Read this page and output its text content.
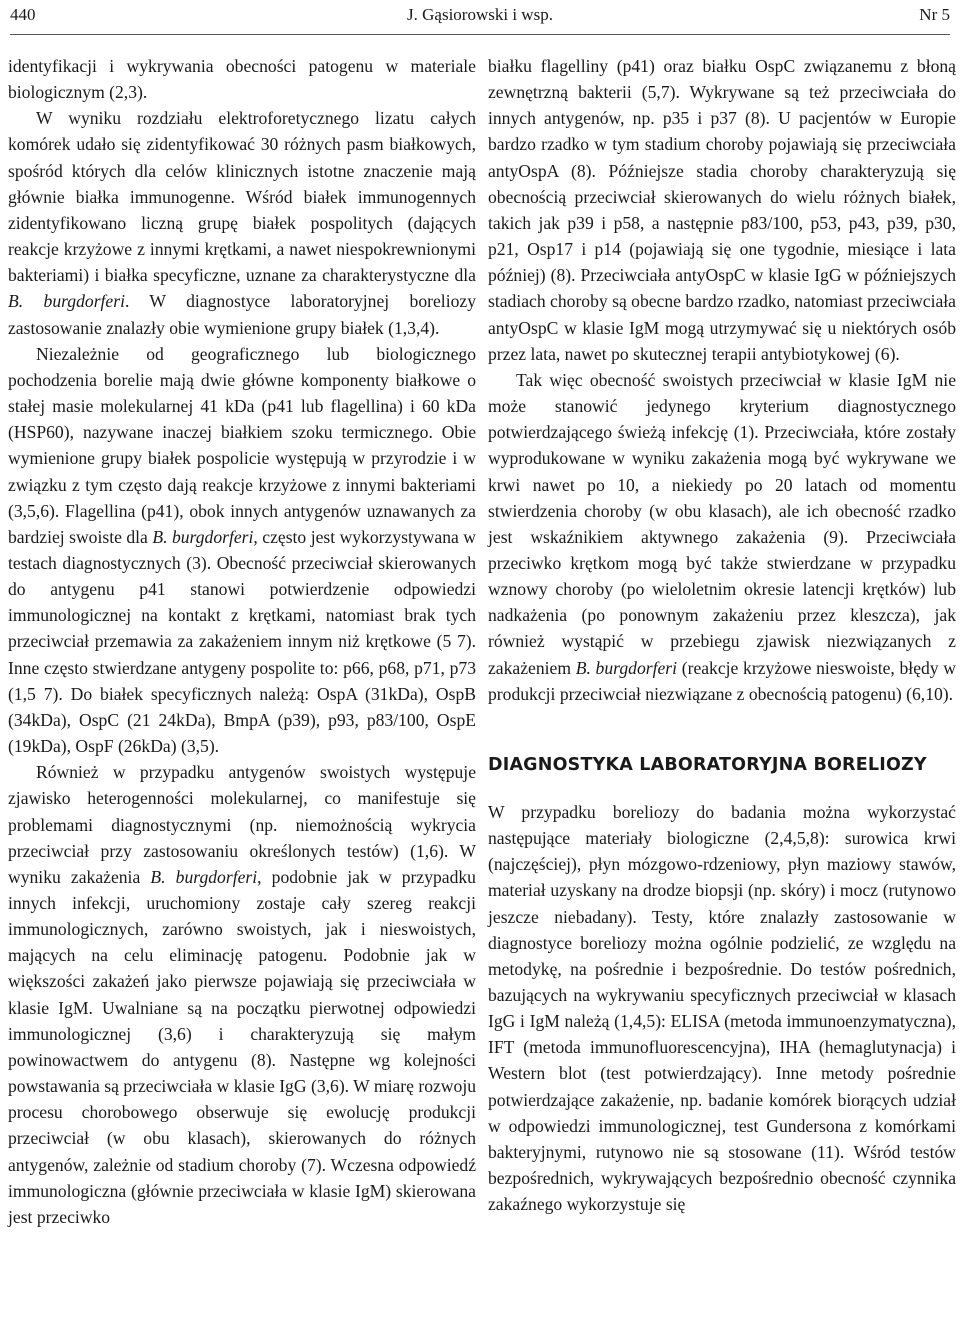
440	J. Gąsiorowski i wsp.	Nr 5

identyfikacji i wykrywania obecności patogenu w materiale biologicznym (2,3).

W wyniku rozdziału elektroforetycznego lizatu całych komórek udało się zidentyfikować 30 różnych pasm białkowych, spośród których dla celów klinicznych istotne znaczenie mają głównie białka immunogenne. Wśród białek immunogennych zidentyfikowano liczną grupę białek pospolitych (dających reakcje krzyżowe z innymi krętkami, a nawet niespokrewnionymi bakteriami) i białka specyficzne, uznane za charakterystyczne dla B. burgdorferi. W diagnostyce laboratoryjnej boreliozy zastosowanie znalazły obie wymienione grupy białek (1,3,4).

Niezależnie od geograficznego lub biologicznego pochodzenia borelie mają dwie główne komponenty białkowe o stałej masie molekularnej 41 kDa (p41 lub flagellina) i 60 kDa (HSP60), nazywane inaczej białkiem szoku termicznego. Obie wymienione grupy białek pospolicie występują w przyrodzie i w związku z tym często dają reakcje krzyżowe z innymi bakteriami (3,5,6). Flagellina (p41), obok innych antygenów uznawanych za bardziej swoiste dla B. burgdorferi, często jest wykorzystywana w testach diagnostycznych (3). Obecność przeciwciał skierowanych do antygenu p41 stanowi potwierdzenie odpowiedzi immunologicznej na kontakt z krętkami, natomiast brak tych przeciwciał przemawia za zakażeniem innym niż krętkowe (5 7). Inne często stwierdzane antygeny pospolite to: p66, p68, p71, p73 (1,5 7). Do białek specyficznych należą: OspA (31kDa), OspB (34kDa), OspC (21 24kDa), BmpA (p39), p93, p83/100, OspE (19kDa), OspF (26kDa) (3,5).

Również w przypadku antygenów swoistych występuje zjawisko heterogenności molekularnej, co manifestuje się problemami diagnostycznymi (np. niemożnością wykrycia przeciwciał przy zastosowaniu określonych testów) (1,6). W wyniku zakażenia B. burgdorferi, podobnie jak w przypadku innych infekcji, uruchomiony zostaje cały szereg reakcji immunologicznych, zarówno swoistych, jak i nieswoistych, mających na celu eliminację patogenu. Podobnie jak w większości zakażeń jako pierwsze pojawiają się przeciwciała w klasie IgM. Uwalniane są na początku pierwotnej odpowiedzi immunologicznej (3,6) i charakteryzują się małym powinowactwem do antygenu (8). Następne wg kolejności powstawania są przeciwciała w klasie IgG (3,6). W miarę rozwoju procesu chorobowego obserwuje się ewolucję produkcji przeciwciał (w obu klasach), skierowanych do różnych antygenów, zależnie od stadium choroby (7). Wczesna odpowiedź immunologiczna (głównie przeciwciała w klasie IgM) skierowana jest przeciwko

białku flagelliny (p41) oraz białku OspC związanemu z błoną zewnętrzną bakterii (5,7). Wykrywane są też przeciwciała do innych antygenów, np. p35 i p37 (8). U pacjentów w Europie bardzo rzadko w tym stadium choroby pojawiają się przeciwciała antyOspA (8). Późniejsze stadia choroby charakteryzują się obecnością przeciwciał skierowanych do wielu różnych białek, takich jak p39 i p58, a następnie p83/100, p53, p43, p39, p30, p21, Osp17 i p14 (pojawiają się one tygodnie, miesiące i lata później) (8). Przeciwciała antyOspC w klasie IgG w późniejszych stadiach choroby są obecne bardzo rzadko, natomiast przeciwciała antyOspC w klasie IgM mogą utrzymywać się u niektórych osób przez lata, nawet po skutecznej terapii antybiotykowej (6).

Tak więc obecność swoistych przeciwciał w klasie IgM nie może stanowić jedynego kryterium diagnostycznego potwierdzającego świeżą infekcję (1). Przeciwciała, które zostały wyprodukowane w wyniku zakażenia mogą być wykrywane we krwi nawet po 10, a niekiedy po 20 latach od momentu stwierdzenia choroby (w obu klasach), ale ich obecność rzadko jest wskaźnikiem aktywnego zakażenia (9). Przeciwciała przeciwko krętkom mogą być także stwierdzane w przypadku wznowy choroby (po wieloletnim okresie latencji krętków) lub nadkażenia (po ponownym zakażeniu przez kleszcza), jak również wystąpić w przebiegu zjawisk niezwiązanych z zakażeniem B. burgdorferi (reakcje krzyżowe nieswoiste, błędy w produkcji przeciwciał niezwiązane z obecnością patogenu) (6,10).

DIAGNOSTYKA LABORATORYJNA BORELIOZY

W przypadku boreliozy do badania można wykorzystać następujące materiały biologiczne (2,4,5,8): surowica krwi (najczęściej), płyn mózgowo-rdzeniowy, płyn maziowy stawów, materiał uzyskany na drodze biopsji (np. skóry) i mocz (rutynowo jeszcze niebadany). Testy, które znalazły zastosowanie w diagnostyce boreliozy można ogólnie podzielić, ze względu na metodykę, na pośrednie i bezpośrednie. Do testów pośrednich, bazujących na wykrywaniu specyficznych przeciwciał w klasach IgG i IgM należą (1,4,5): ELISA (metoda immunoenzymatyczna), IFT (metoda immunofluorescencyjna), IHA (hemaglutynacja) i Western blot (test potwierdzający). Inne metody pośrednie potwierdzające zakażenie, np. badanie komórek biorących udział w odpowiedzi immunologicznej, test Gundersona z komórkami bakteryjnymi, rutynowo nie są stosowane (11). Wśród testów bezpośrednich, wykrywających bezpośrednio obecność czynnika zakaźnego wykorzystuje się
